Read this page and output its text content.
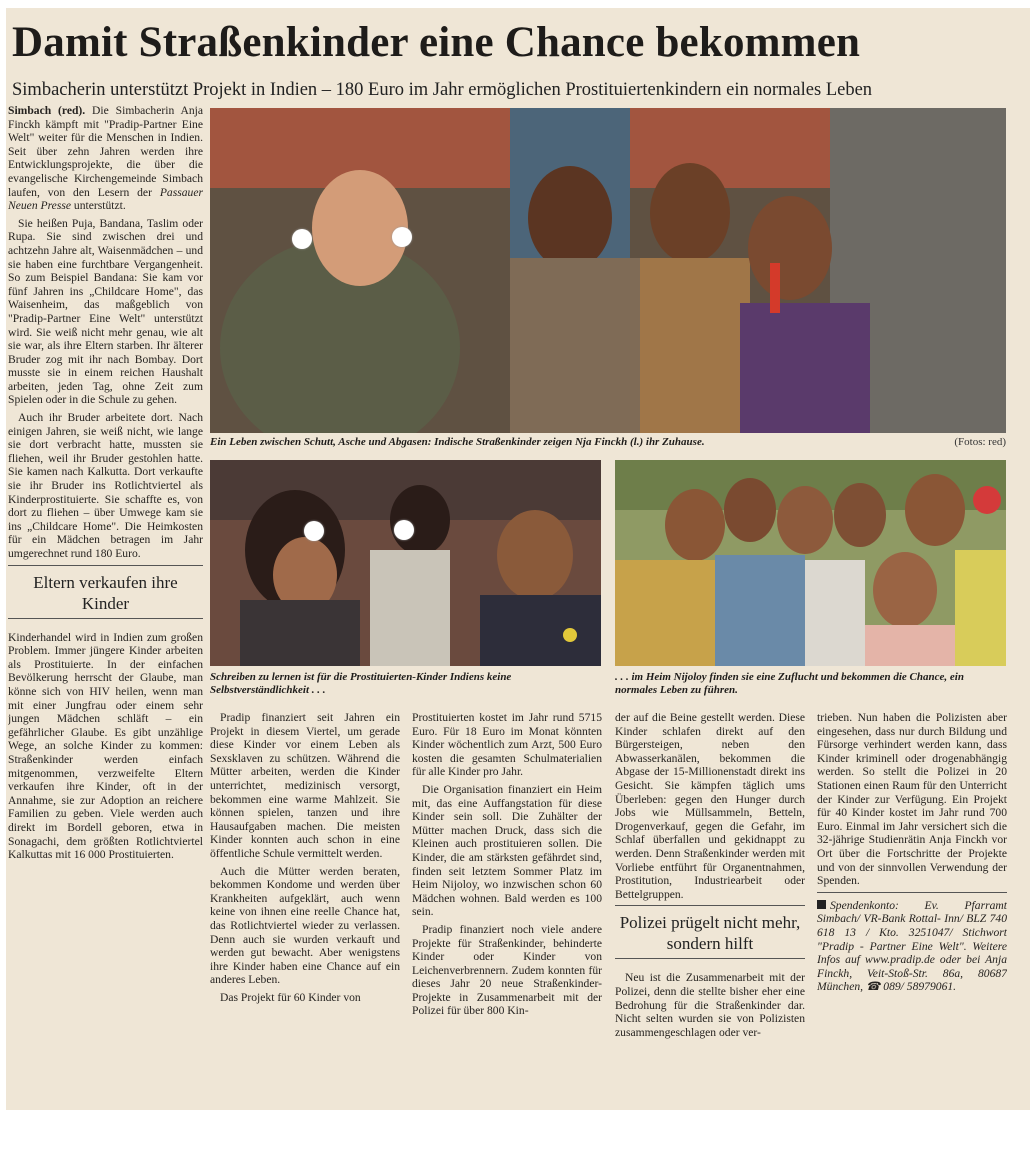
Damit Straßenkinder eine Chance bekommen
Simbacherin unterstützt Projekt in Indien – 180 Euro im Jahr ermöglichen Prostituiertenkindern ein normales Leben

Simbach (red). Die Simbacherin Anja Finckh kämpft mit "Pradip-Partner Eine Welt" weiter für die Menschen in Indien. Seit über zehn Jahren werden ihre Entwicklungsprojekte, die über die evangelische Kirchengemeinde Simbach laufen, von den Lesern der Passauer Neuen Presse unterstützt.

Sie heißen Puja, Bandana, Taslim oder Rupa. Sie sind zwischen drei und achtzehn Jahre alt, Waisenmädchen – und sie haben eine furchtbare Vergangenheit. So zum Beispiel Bandana: Sie kam vor fünf Jahren ins „Childcare Home", das Waisenheim, das maßgeblich von "Pradip-Partner Eine Welt" unterstützt wird. Sie weiß nicht mehr genau, wie alt sie war, als ihre Eltern starben. Ihr älterer Bruder zog mit ihr nach Bombay. Dort musste sie in einem reichen Haushalt arbeiten, jeden Tag, ohne Zeit zum Spielen oder in die Schule zu gehen.

Auch ihr Bruder arbeitete dort. Nach einigen Jahren, sie weiß nicht, wie lange sie dort verbracht hatte, mussten sie fliehen, weil ihr Bruder gestohlen hatte. Sie kamen nach Kalkutta. Dort verkaufte sie ihr Bruder ins Rotlichtviertel als Kinderprostituierte. Sie schaffte es, von dort zu fliehen – über Umwege kam sie ins „Childcare Home". Die Heimkosten für ein Mädchen betragen im Jahr umgerechnet rund 180 Euro.

Eltern verkaufen ihre Kinder

Kinderhandel wird in Indien zum großen Problem. Immer jüngere Kinder arbeiten als Prostituierte. In der einfachen Bevölkerung herrscht der Glaube, man könne sich von HIV heilen, wenn man mit einer Jungfrau oder einem sehr jungen Mädchen schläft – ein gefährlicher Glaube. Es gibt unzählige Wege, an solche Kinder zu kommen: Straßenkinder werden einfach mitgenommen, verzweifelte Eltern verkaufen ihre Kinder, oft in der Annahme, sie zur Adoption an reichere Familien zu geben. Viele werden auch direkt im Bordell geboren, etwa in Sonagachi, dem größten Rotlichtviertel Kalkuttas mit 16 000 Prostituierten.

Ein Leben zwischen Schutt, Asche und Abgasen: Indische Straßenkinder zeigen Nja Finckh (l.) ihr Zuhause.	(Fotos: red)
Schreiben zu lernen ist für die Prostituierten-Kinder Indiens keine Selbstverständlichkeit . . .
. . . im Heim Nijoloy finden sie eine Zuflucht und bekommen die Chance, ein normales Leben zu führen.

Pradip finanziert seit Jahren ein Projekt in diesem Viertel, um gerade diese Kinder vor einem Leben als Sexsklaven zu schützen. Während die Mütter arbeiten, werden die Kinder unterrichtet, medizinisch versorgt, bekommen eine warme Mahlzeit. Sie können spielen, tanzen und ihre Hausaufgaben machen. Die meisten Kinder konnten auch schon in eine öffentliche Schule vermittelt werden.

Auch die Mütter werden beraten, bekommen Kondome und werden über Krankheiten aufgeklärt, auch wenn keine von ihnen eine reelle Chance hat, das Rotlichtviertel wieder zu verlassen. Denn auch sie wurden verkauft und werden gut bewacht. Aber wenigstens ihre Kinder haben eine Chance auf ein anderes Leben.

Das Projekt für 60 Kinder von

Prostituierten kostet im Jahr rund 5715 Euro. Für 18 Euro im Monat könnten Kinder wöchentlich zum Arzt, 500 Euro kosten die gesamten Schulmaterialien für alle Kinder pro Jahr.

Die Organisation finanziert ein Heim mit, das eine Auffangstation für diese Kinder sein soll. Die Zuhälter der Mütter machen Druck, dass sich die Kleinen auch prostituieren sollen. Die Kinder, die am stärksten gefährdet sind, finden seit letztem Sommer Platz im Heim Nijoloy, wo inzwischen schon 60 Mädchen wohnen. Bald werden es 100 sein.

Pradip finanziert noch viele andere Projekte für Straßenkinder, behinderte Kinder oder Kinder von Leichenverbrennern. Zudem konnten für dieses Jahr 20 neue Straßenkinder-Projekte in Zusammenarbeit mit der Polizei für über 800 Kin-

der auf die Beine gestellt werden. Diese Kinder schlafen direkt auf den Bürgersteigen, neben den Abwasserkanälen, bekommen die Abgase der 15-Millionenstadt direkt ins Gesicht. Sie kämpfen täglich ums Überleben: gegen den Hunger durch Jobs wie Müllsammeln, Betteln, Drogenverkauf, gegen die Gefahr, im Schlaf überfallen und gekidnappt zu werden. Denn Straßenkinder werden mit Vorliebe entführt für Organentnahmen, Prostitution, Industriearbeit oder Bettelgruppen.

Polizei prügelt nicht mehr, sondern hilft

Neu ist die Zusammenarbeit mit der Polizei, denn die stellte bisher eher eine Bedrohung für die Straßenkinder dar. Nicht selten wurden sie von Polizisten zusammengeschlagen oder ver-

trieben. Nun haben die Polizisten aber eingesehen, dass nur durch Bildung und Fürsorge verhindert werden kann, dass Kinder kriminell oder drogenabhängig werden. So stellt die Polizei in 20 Stationen einen Raum für den Unterricht der Kinder zur Verfügung. Ein Projekt für 40 Kinder kostet im Jahr rund 700 Euro. Einmal im Jahr versichert sich die 32-jährige Studienrätin Anja Finckh vor Ort über die Fortschritte der Projekte und von der sinnvollen Verwendung der Spenden.

Spendenkonto: Ev. Pfarramt Simbach/ VR-Bank Rottal- Inn/ BLZ 740 618 13 / Kto. 3251047/ Stichwort "Pradip - Partner Eine Welt". Weitere Infos auf www.pradip.de oder bei Anja Finckh, Veit-Stoß-Str. 86a, 80687 München, ☎ 089/ 58979061.
